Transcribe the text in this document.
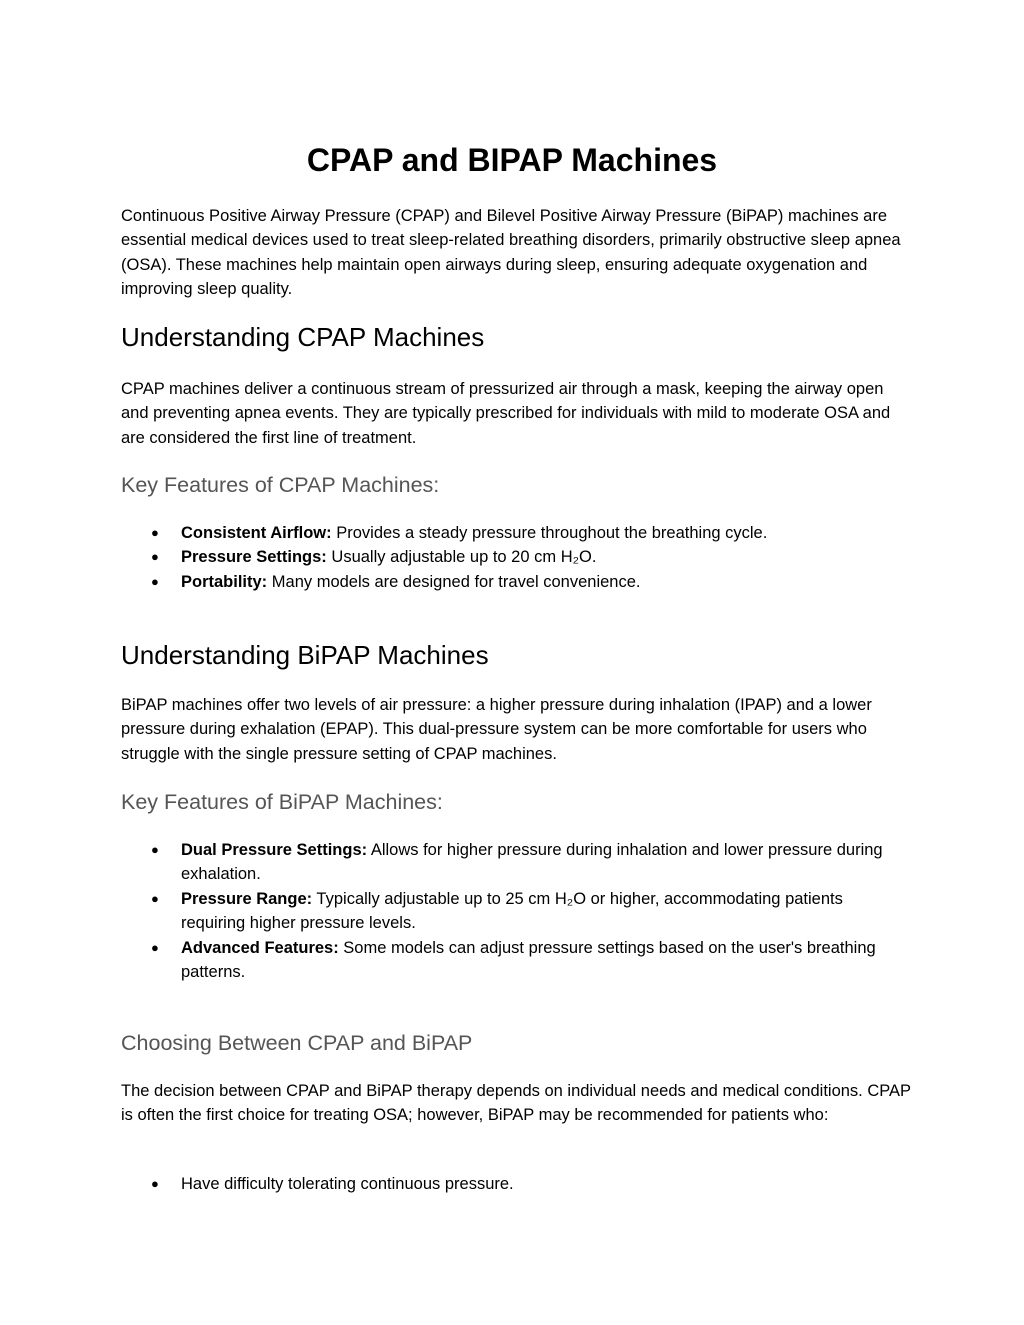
CPAP and BIPAP Machines

Continuous Positive Airway Pressure (CPAP) and Bilevel Positive Airway Pressure (BiPAP) machines are essential medical devices used to treat sleep-related breathing disorders, primarily obstructive sleep apnea (OSA). These machines help maintain open airways during sleep, ensuring adequate oxygenation and improving sleep quality.

Understanding CPAP Machines

CPAP machines deliver a continuous stream of pressurized air through a mask, keeping the airway open and preventing apnea events. They are typically prescribed for individuals with mild to moderate OSA and are considered the first line of treatment.

Key Features of CPAP Machines:
● Consistent Airflow: Provides a steady pressure throughout the breathing cycle.
● Pressure Settings: Usually adjustable up to 20 cm H₂O.
● Portability: Many models are designed for travel convenience.
Understanding BiPAP Machines

BiPAP machines offer two levels of air pressure: a higher pressure during inhalation (IPAP) and a lower pressure during exhalation (EPAP). This dual-pressure system can be more comfortable for users who struggle with the single pressure setting of CPAP machines.

Key Features of BiPAP Machines:
● Dual Pressure Settings: Allows for higher pressure during inhalation and lower pressure during exhalation.
● Pressure Range: Typically adjustable up to 25 cm H₂O or higher, accommodating patients requiring higher pressure levels.
● Advanced Features: Some models can adjust pressure settings based on the user's breathing patterns.
Choosing Between CPAP and BiPAP

The decision between CPAP and BiPAP therapy depends on individual needs and medical conditions. CPAP is often the first choice for treating OSA; however, BiPAP may be recommended for patients who:

● Have difficulty tolerating continuous pressure.
